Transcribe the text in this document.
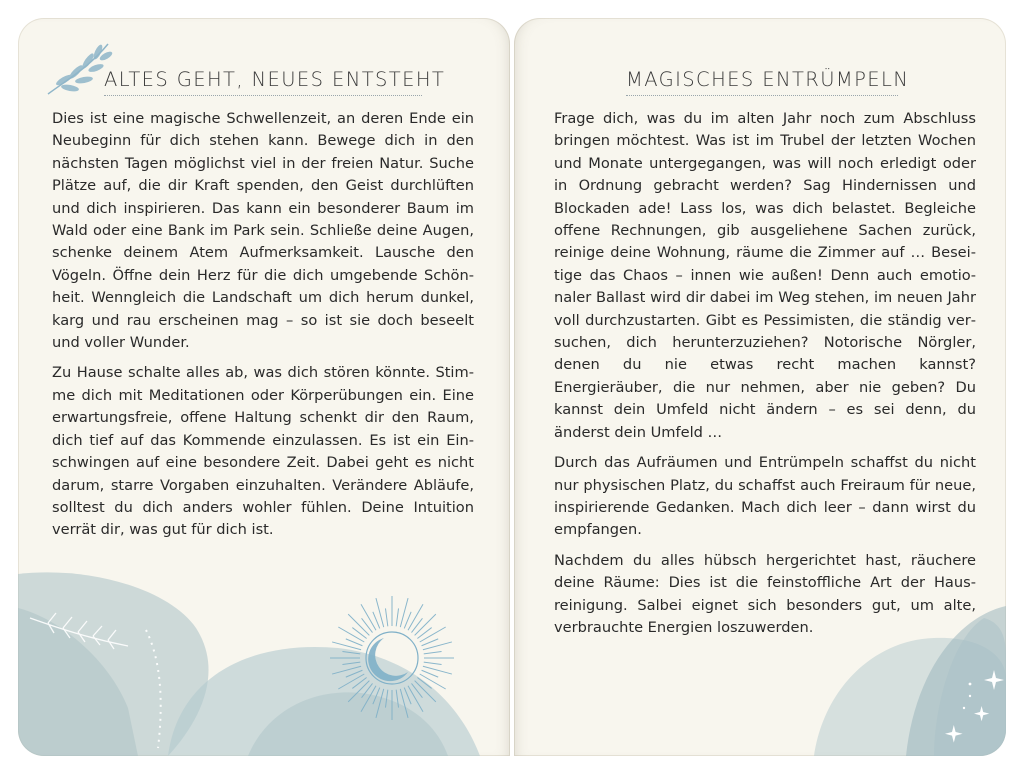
ALTES GEHT, NEUES ENTSTEHT

Dies ist eine magische Schwellenzeit, an deren Ende ein Neubeginn für dich stehen kann. Bewege dich in den nächsten Tagen möglichst viel in der freien Natur. Suche Plätze auf, die dir Kraft spenden, den Geist durchlüften und dich inspirieren. Das kann ein besonderer Baum im Wald oder eine Bank im Park sein. Schließe deine Augen, schenke deinem Atem Aufmerksamkeit. Lausche den Vögeln. Öffne dein Herz für die dich umgebende Schönheit. Wenngleich die Landschaft um dich herum dunkel, karg und rau erscheinen mag – so ist sie doch beseelt und voller Wunder.

Zu Hause schalte alles ab, was dich stören könnte. Stimme dich mit Meditationen oder Körperübungen ein. Eine erwartungsfreie, offene Haltung schenkt dir den Raum, dich tief auf das Kommende einzulassen. Es ist ein Einschwingen auf eine besondere Zeit. Dabei geht es nicht darum, starre Vorgaben einzuhalten. Verändere Abläufe, solltest du dich anders wohler fühlen. Deine Intuition verrät dir, was gut für dich ist.

MAGISCHES ENTRÜMPELN

Frage dich, was du im alten Jahr noch zum Abschluss bringen möchtest. Was ist im Trubel der letzten Wochen und Monate untergegangen, was will noch erledigt oder in Ordnung gebracht werden? Sag Hindernissen und Blockaden ade! Lass los, was dich belastet. Begleiche offene Rechnungen, gib ausgeliehene Sachen zurück, reinige deine Wohnung, räume die Zimmer auf … Beseitige das Chaos – innen wie außen! Denn auch emotionaler Ballast wird dir dabei im Weg stehen, im neuen Jahr voll durchzustarten. Gibt es Pessimisten, die ständig versuchen, dich herunterzuziehen? Notorische Nörgler, denen du nie etwas recht machen kannst? Energieräuber, die nur nehmen, aber nie geben? Du kannst dein Umfeld nicht ändern – es sei denn, du änderst dein Umfeld …

Durch das Aufräumen und Entrümpeln schaffst du nicht nur physischen Platz, du schaffst auch Freiraum für neue, inspirierende Gedanken. Mach dich leer – dann wirst du empfangen.

Nachdem du alles hübsch hergerichtet hast, räuchere deine Räume: Dies ist die feinstoffliche Art der Hausreinigung. Salbei eignet sich besonders gut, um alte, verbrauchte Energien loszuwerden.
